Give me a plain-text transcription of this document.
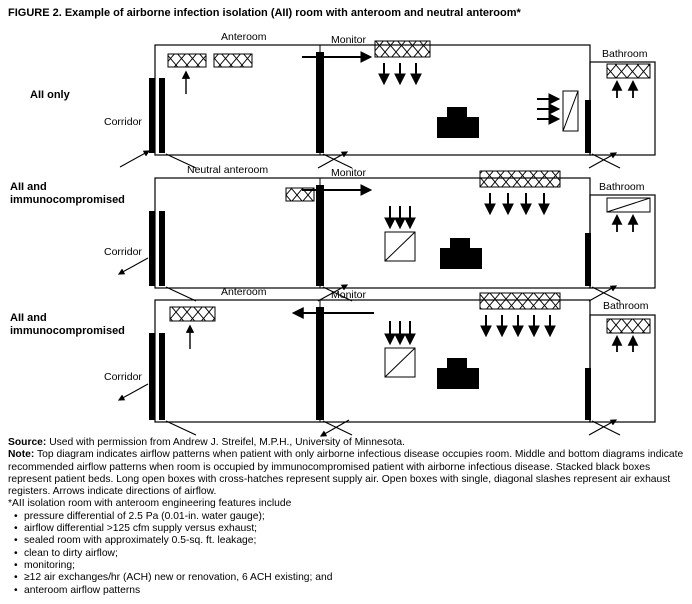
FIGURE 2. Example of airborne infection isolation (AII) room with anteroom and neutral anteroom*
AII only
AII and immunocompromised
AII and immunocompromised
Anteroom	Monitor
Bathroom
Corridor
Neutral anteroom	Monitor
Bathroom
Corridor
Anteroom	Monitor
Bathroom
Corridor
Source: Used with permission from Andrew J. Streifel, M.P.H., University of Minnesota.
Note: Top diagram indicates airflow patterns when patient with only airborne infectious disease occupies room. Middle and bottom diagrams indicate recommended airflow patterns when room is occupied by immunocompromised patient with airborne infectious disease. Stacked black boxes represent patient beds. Long open boxes with cross-hatches represent supply air. Open boxes with single, diagonal slashes represent air exhaust registers. Arrows indicate directions of airflow.
*AII isolation room with anteroom engineering features include
• pressure differential of 2.5 Pa (0.01-in. water gauge);
• airflow differential >125 cfm supply versus exhaust;
• sealed room with approximately 0.5-sq. ft. leakage;
• clean to dirty airflow;
• monitoring;
• ≥12 air exchanges/hr (ACH) new or renovation, 6 ACH existing; and
• anteroom airflow patterns
